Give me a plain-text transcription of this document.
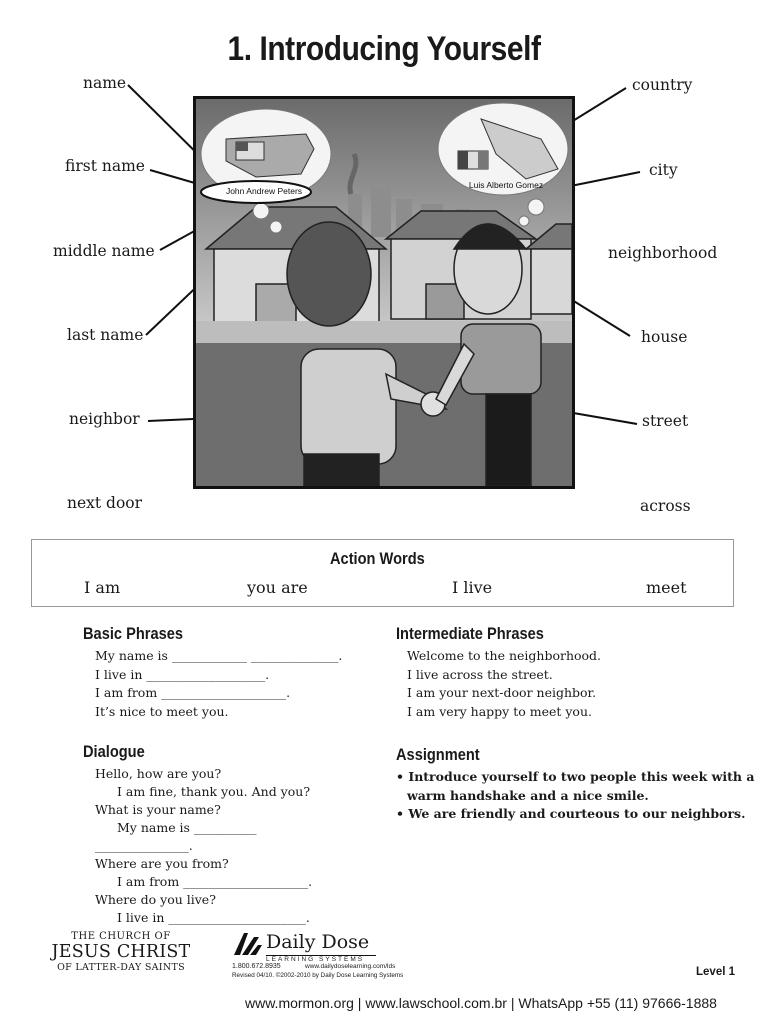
1. Introducing Yourself
John Andrew Peters
Luis Alberto Gomez
name
first name
middle name
last name
neighbor
next door
country
city
neighborhood
house
street
across
Action Words
I am	you are	I live	meet
Basic Phrases
My name is ____________ ______________.
I live in ___________________.
I am from ____________________.
It’s nice to meet you.
Intermediate Phrases
Welcome to the neighborhood.
I live across the street.
I am your next-door neighbor.
I am very happy to meet you.
Dialogue
Hello, how are you?
I am fine, thank you. And you?
What is your name?
My name is __________
_______________.
Where are you from?
I am from ____________________.
Where do you live?
I live in ______________________.
Assignment
• Introduce yourself to two people this week with a
warm handshake and a nice smile.
• We are friendly and courteous to our neighbors.
THE CHURCH OF
JESUS CHRIST
OF LATTER-DAY SAINTS
Daily Dose
LEARNING SYSTEMS
1.800.672.8935	www.dailydoselearning.com/lds
Revised 04/10. ©2002-2010 by Daily Dose Learning Systems	Level 1
www.mormon.org | www.lawschool.com.br | WhatsApp +55 (11) 97666-1888
